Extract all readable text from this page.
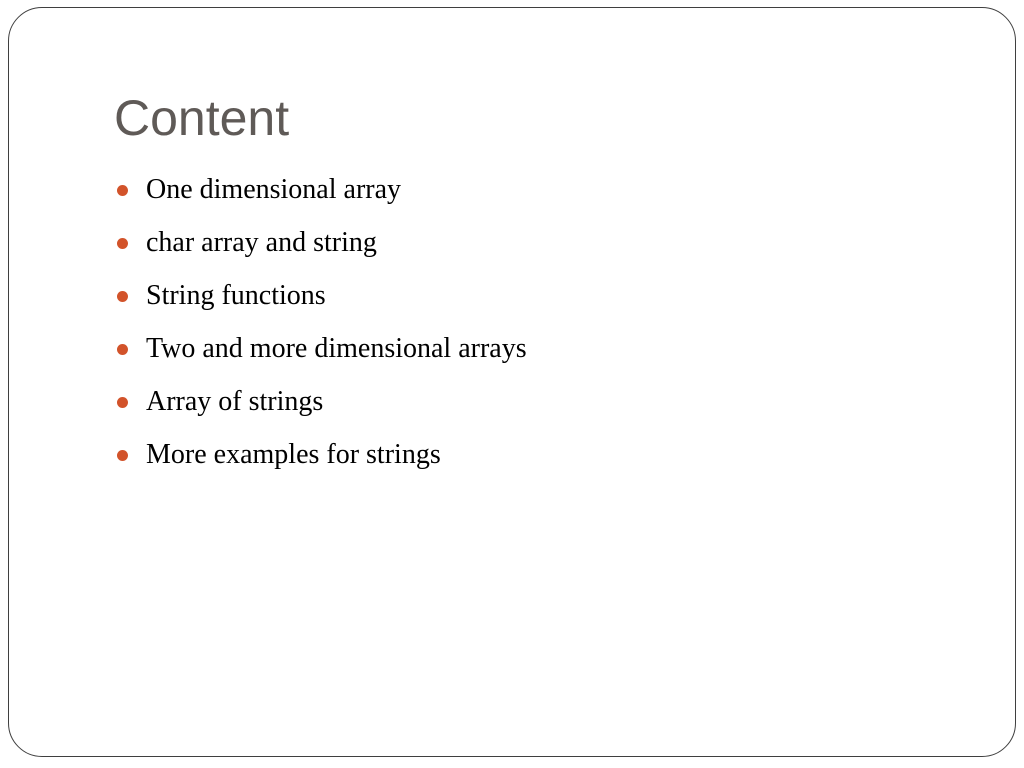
Content
One dimensional array
char array and string
String functions
Two and more dimensional arrays
Array of strings
More examples for strings
